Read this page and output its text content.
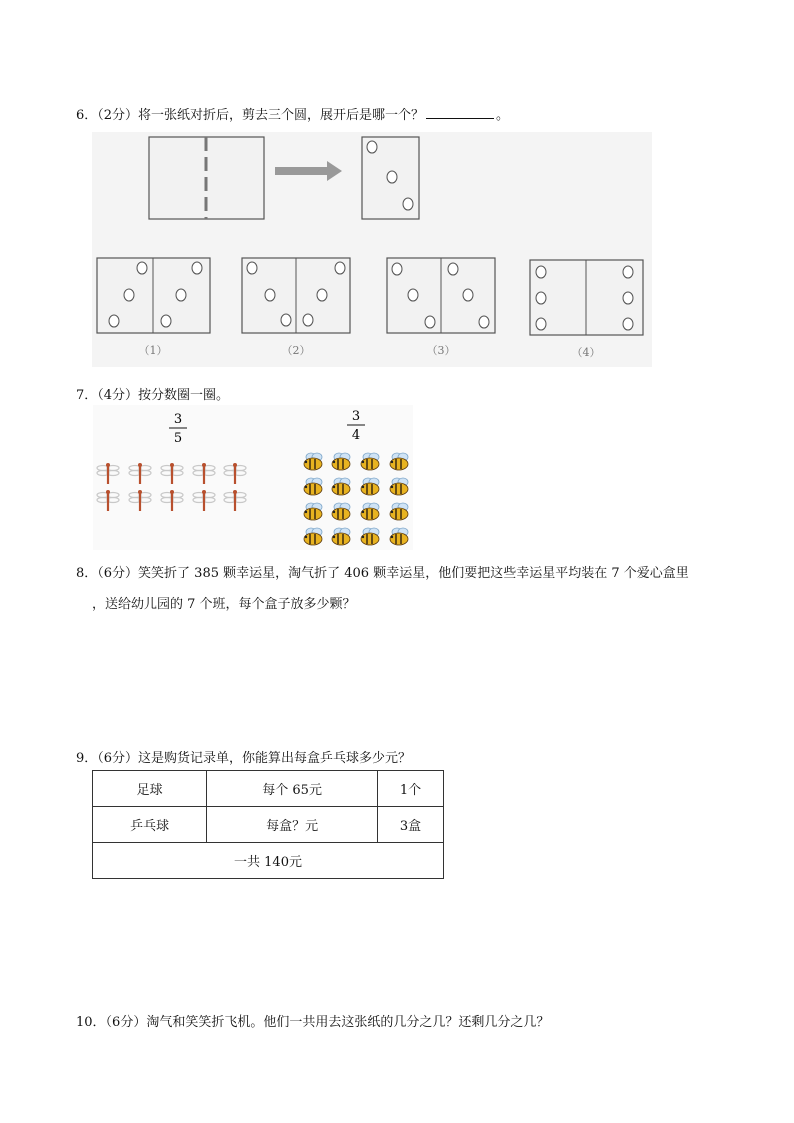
6．（2分）将一张纸对折后，剪去三个圆，展开后是哪一个？	。
（1）	（2）	（3）	（4）
7．（4分）按分数圈一圈。
3
5
3
4
8．（6分）笑笑折了 385 颗幸运星，淘气折了 406 颗幸运星，他们要把这些幸运星平均装在 7 个爱心盒里
，送给幼儿园的 7 个班，每个盒子放多少颗？
9．（6分）这是购货记录单，你能算出每盒乒乓球多少元？
足球	每个 65元	1个
乒乓球	每盒？元	3盒
一共 140元		
10．（6分）淘气和笑笑折飞机。他们一共用去这张纸的几分之几？还剩几分之几？
